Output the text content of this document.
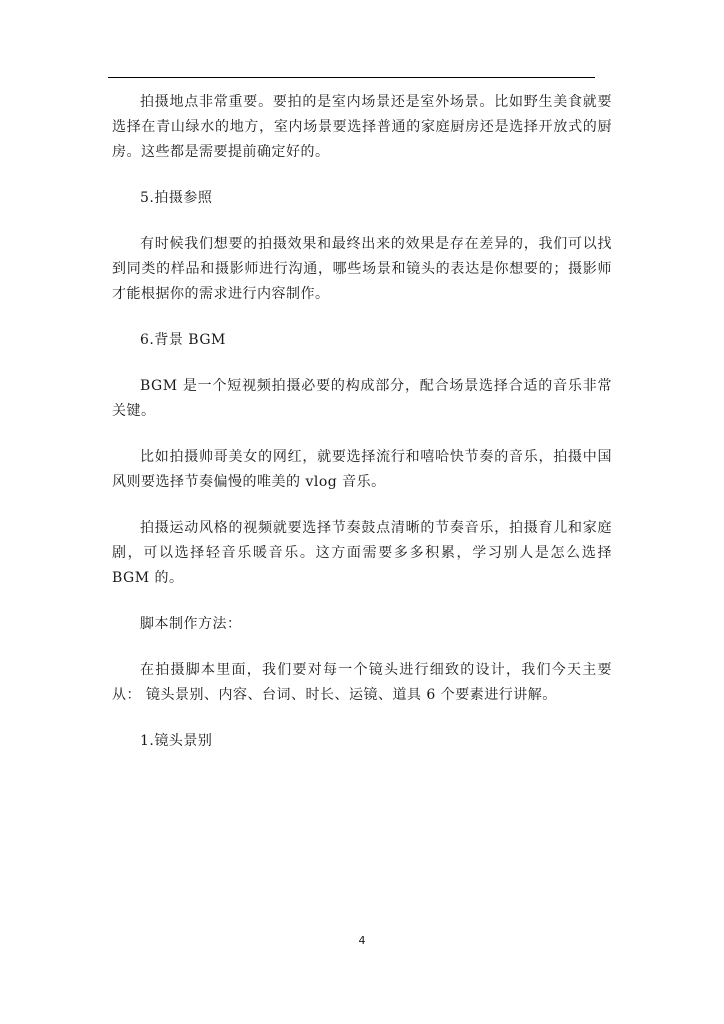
拍摄地点非常重要。要拍的是室内场景还是室外场景。比如野生美食就要选择在青山绿水的地方，室内场景要选择普通的家庭厨房还是选择开放式的厨房。这些都是需要提前确定好的。

5.拍摄参照

有时候我们想要的拍摄效果和最终出来的效果是存在差异的，我们可以找到同类的样品和摄影师进行沟通，哪些场景和镜头的表达是你想要的；摄影师才能根据你的需求进行内容制作。

6.背景 BGM

BGM 是一个短视频拍摄必要的构成部分，配合场景选择合适的音乐非常关键。

比如拍摄帅哥美女的网红，就要选择流行和嘻哈快节奏的音乐，拍摄中国风则要选择节奏偏慢的唯美的 vlog 音乐。

拍摄运动风格的视频就要选择节奏鼓点清晰的节奏音乐，拍摄育儿和家庭剧，可以选择轻音乐暖音乐。这方面需要多多积累，学习别人是怎么选择 BGM 的。

脚本制作方法：

在拍摄脚本里面，我们要对每一个镜头进行细致的设计，我们今天主要从： 镜头景别、内容、台词、时长、运镜、道具 6 个要素进行讲解。

1.镜头景别

4
